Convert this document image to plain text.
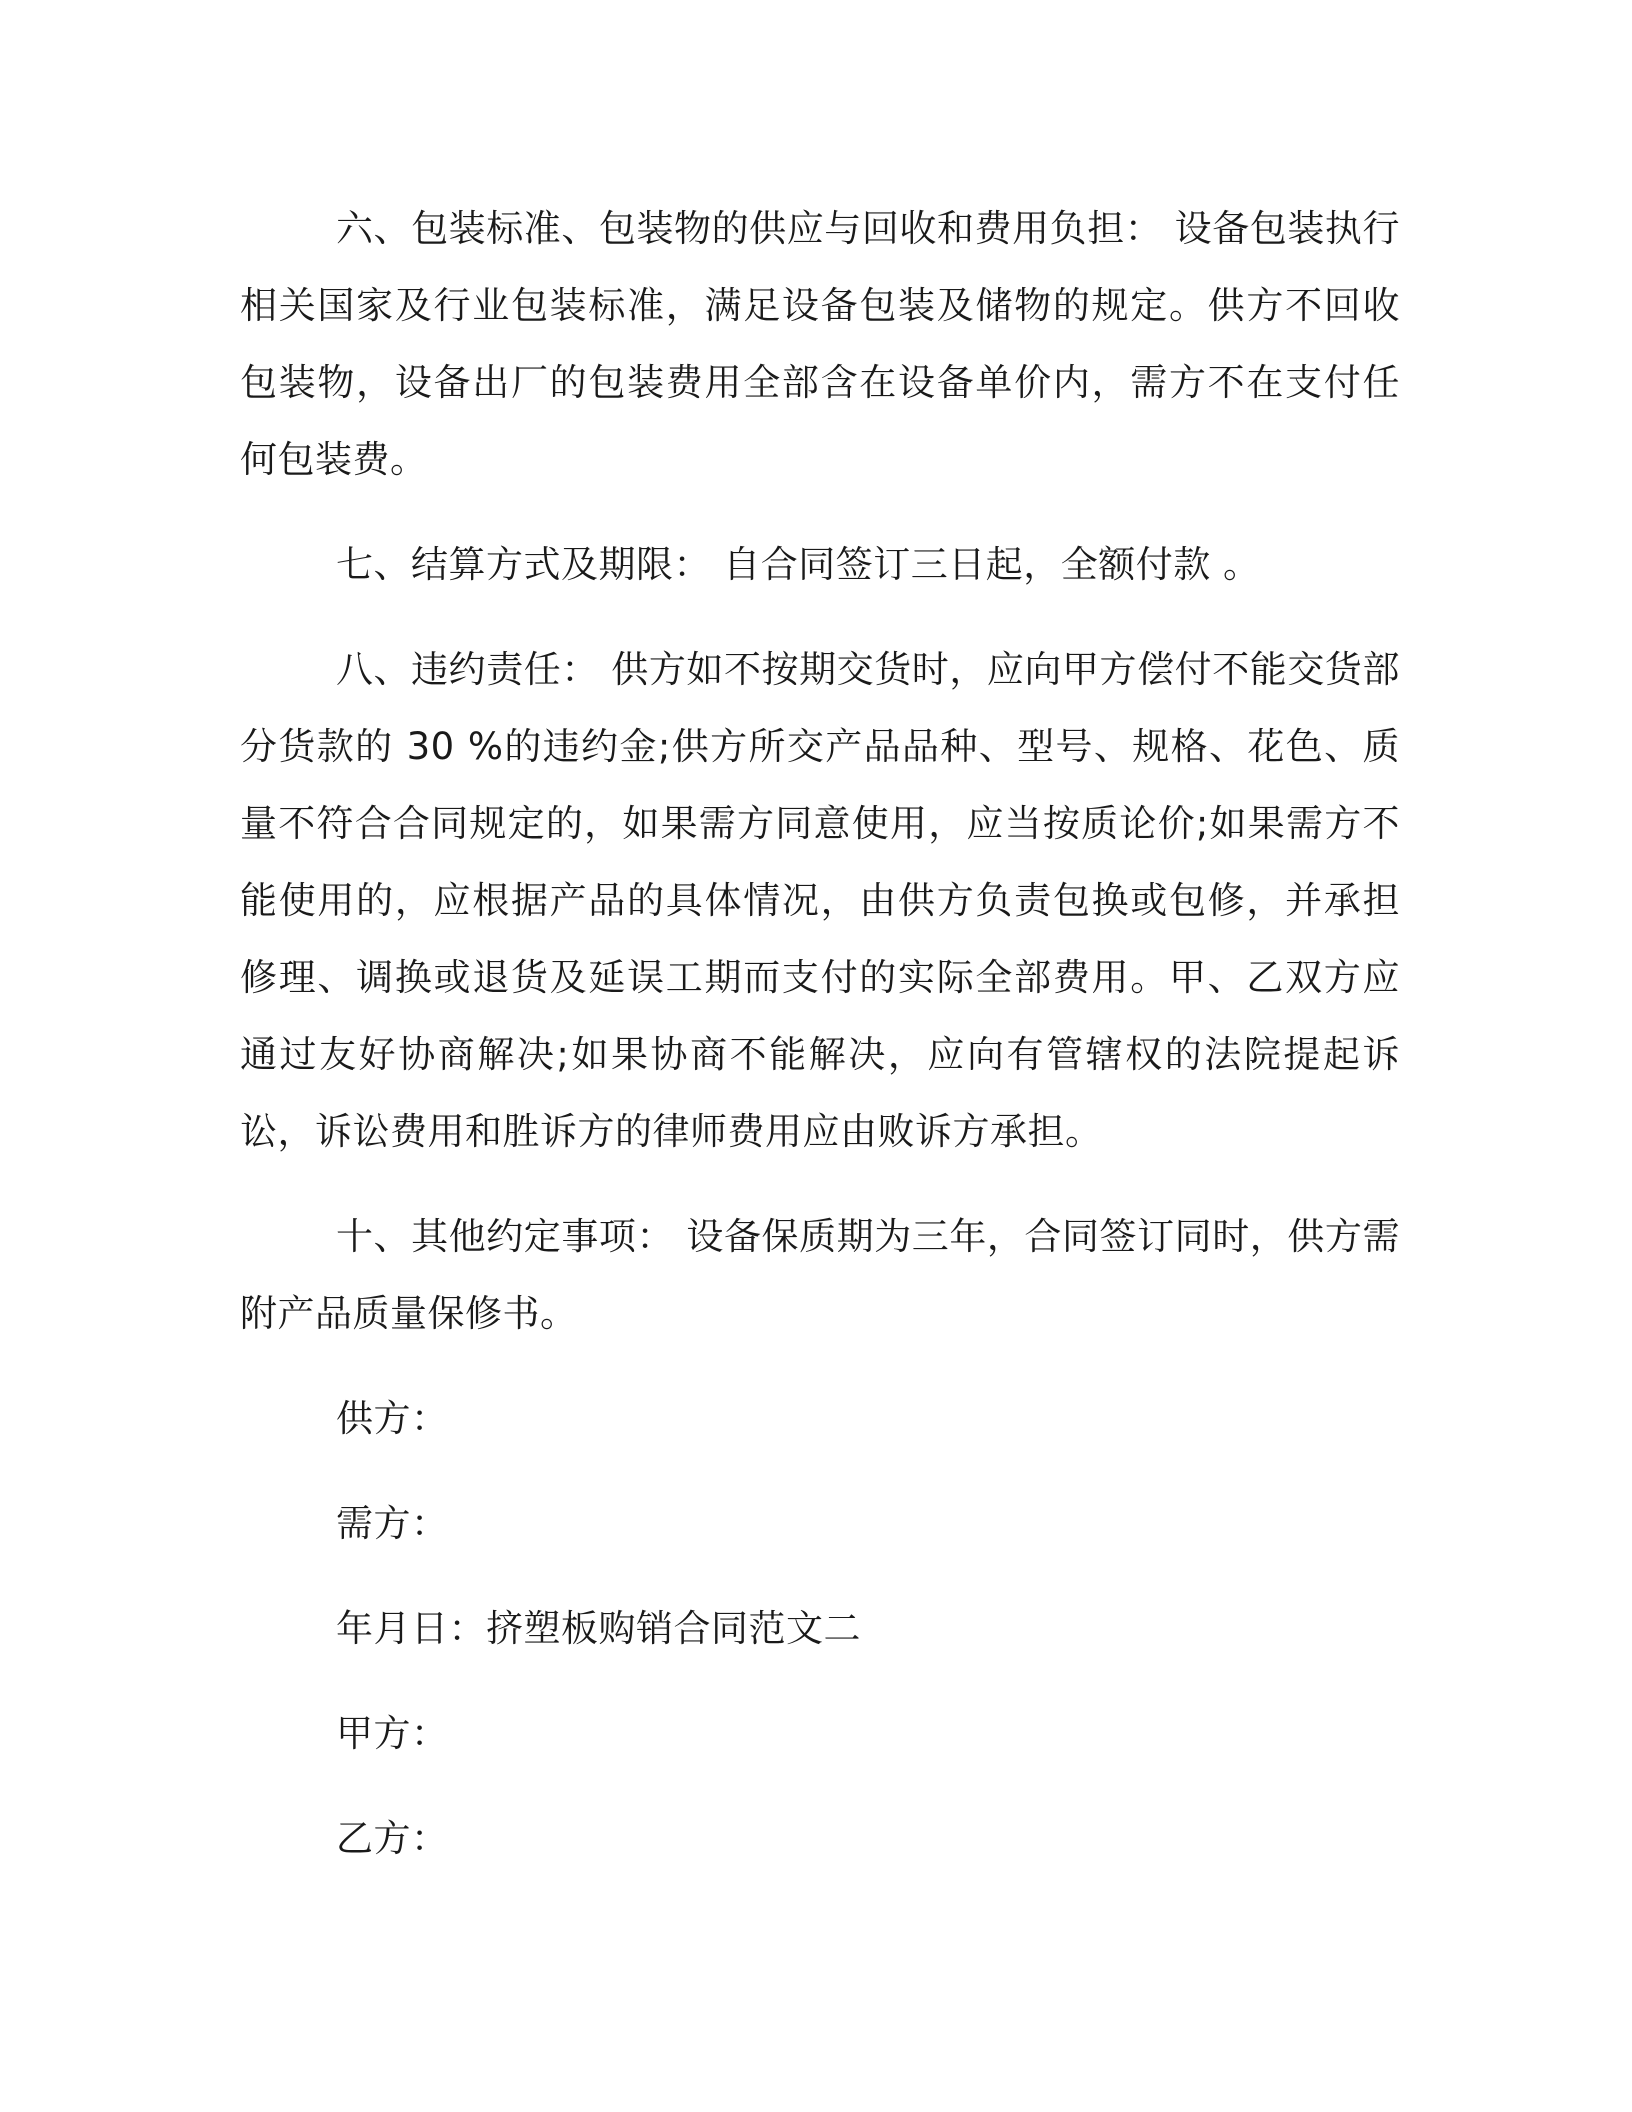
六、包装标准、包装物的供应与回收和费用负担： 设备包装执行相关国家及行业包装标准，满足设备包装及储物的规定。供方不回收包装物，设备出厂的包装费用全部含在设备单价内，需方不在支付任何包装费。

七、结算方式及期限： 自合同签订三日起，全额付款 。

八、违约责任： 供方如不按期交货时，应向甲方偿付不能交货部分货款的 30 %的违约金;供方所交产品品种、型号、规格、花色、质量不符合合同规定的，如果需方同意使用，应当按质论价;如果需方不能使用的，应根据产品的具体情况，由供方负责包换或包修，并承担修理、调换或退货及延误工期而支付的实际全部费用。甲、乙双方应通过友好协商解决;如果协商不能解决，应向有管辖权的法院提起诉讼，诉讼费用和胜诉方的律师费用应由败诉方承担。

十、其他约定事项： 设备保质期为三年，合同签订同时，供方需附产品质量保修书。

供方：
需方：
年月日：挤塑板购销合同范文二
甲方：
乙方：
